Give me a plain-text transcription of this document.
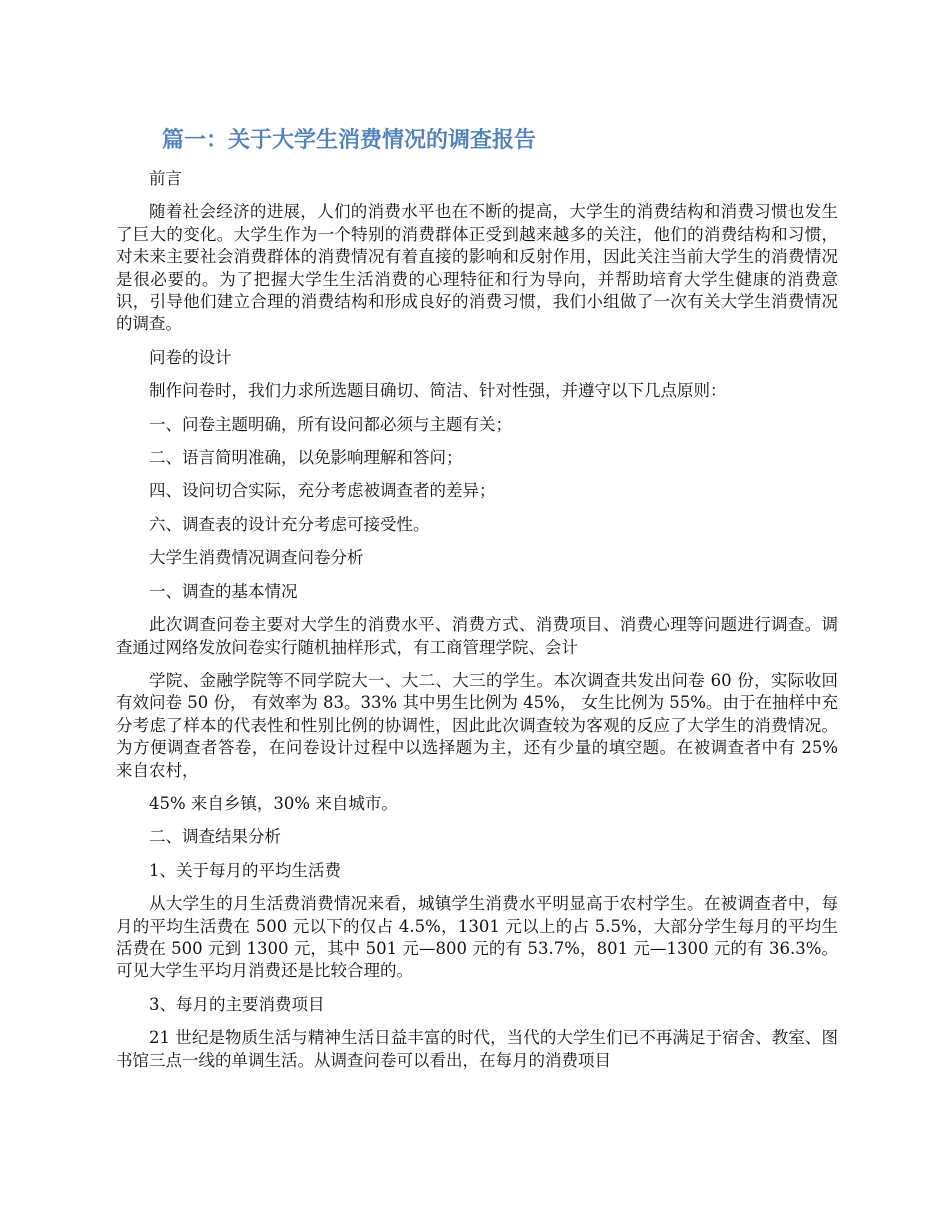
篇一：关于大学生消费情况的调查报告

前言

随着社会经济的进展，人们的消费水平也在不断的提高，大学生的消费结构和消费习惯也发生了巨大的变化。大学生作为一个特别的消费群体正受到越来越多的关注，他们的消费结构和习惯，对未来主要社会消费群体的消费情况有着直接的影响和反射作用，因此关注当前大学生的消费情况是很必要的。为了把握大学生生活消费的心理特征和行为导向，并帮助培育大学生健康的消费意识，引导他们建立合理的消费结构和形成良好的消费习惯，我们小组做了一次有关大学生消费情况的调查。

问卷的设计

制作问卷时，我们力求所选题目确切、简洁、针对性强，并遵守以下几点原则：

一、问卷主题明确，所有设问都必须与主题有关；

二、语言简明准确，以免影响理解和答问；

四、设问切合实际，充分考虑被调查者的差异；

六、调查表的设计充分考虑可接受性。

大学生消费情况调查问卷分析

一、调查的基本情况

此次调查问卷主要对大学生的消费水平、消费方式、消费项目、消费心理等问题进行调查。调查通过网络发放问卷实行随机抽样形式，有工商管理学院、会计

学院、金融学院等不同学院大一、大二、大三的学生。本次调查共发出问卷 60 份，实际收回有效问卷 50 份， 有效率为 83。33% 其中男生比例为 45%， 女生比例为 55%。由于在抽样中充分考虑了样本的代表性和性别比例的协调性，因此此次调查较为客观的反应了大学生的消费情况。为方便调查者答卷，在问卷设计过程中以选择题为主，还有少量的填空题。在被调查者中有 25% 来自农村，

45% 来自乡镇，30% 来自城市。

二、调查结果分析

1、关于每月的平均生活费

从大学生的月生活费消费情况来看，城镇学生消费水平明显高于农村学生。在被调查者中，每月的平均生活费在 500 元以下的仅占 4.5%，1301 元以上的占 5.5%，大部分学生每月的平均生活费在 500 元到 1300 元，其中 501 元—800 元的有 53.7%，801 元—1300 元的有 36.3%。可见大学生平均月消费还是比较合理的。

3、每月的主要消费项目

21 世纪是物质生活与精神生活日益丰富的时代，当代的大学生们已不再满足于宿舍、教室、图书馆三点一线的单调生活。从调查问卷可以看出，在每月的消费项目
